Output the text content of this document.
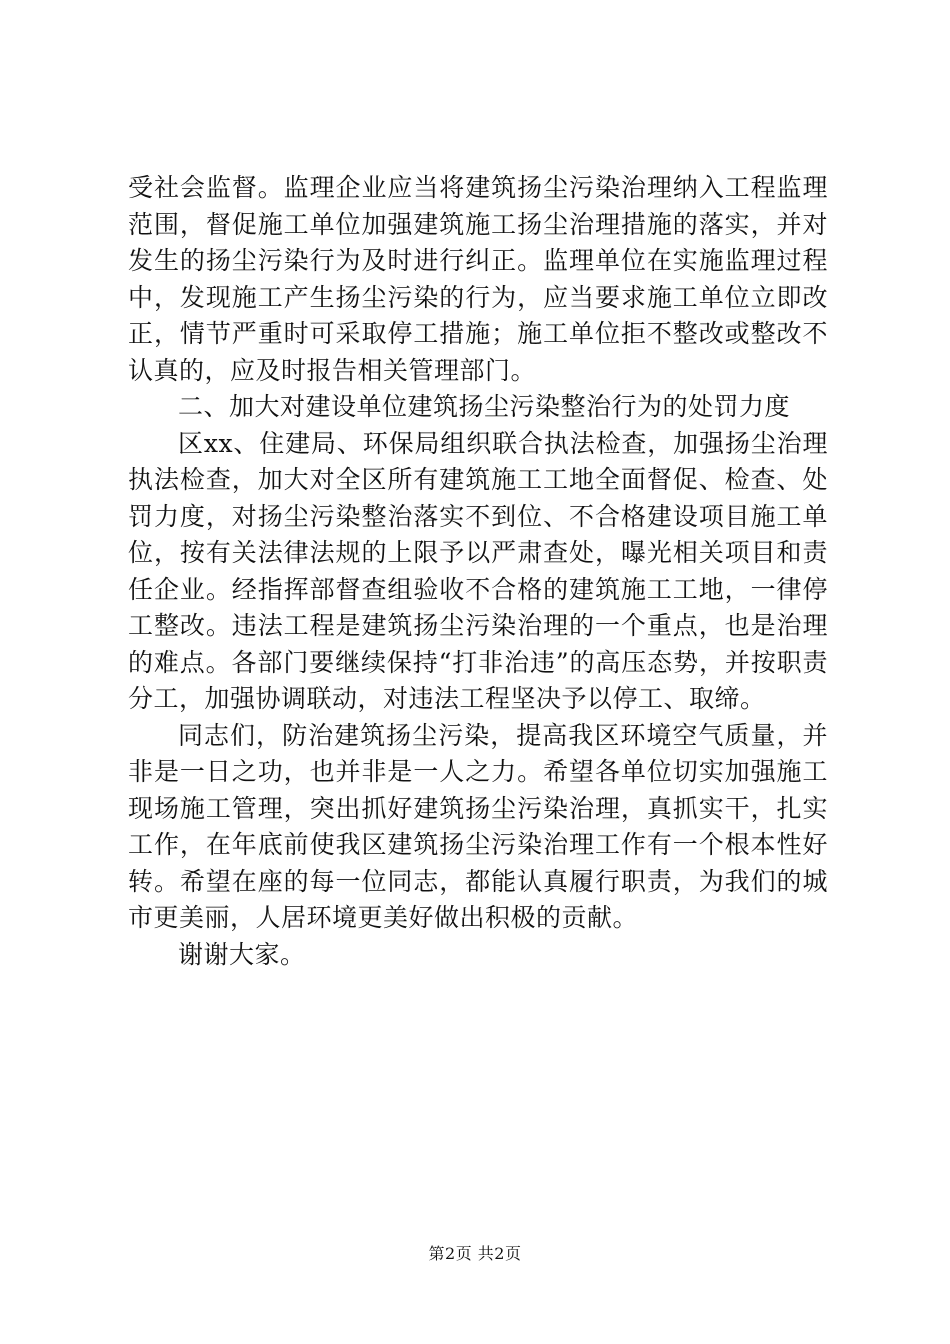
受社会监督。监理企业应当将建筑扬尘污染治理纳入工程监理范围，督促施工单位加强建筑施工扬尘治理措施的落实，并对发生的扬尘污染行为及时进行纠正。监理单位在实施监理过程中，发现施工产生扬尘污染的行为，应当要求施工单位立即改正，情节严重时可采取停工措施；施工单位拒不整改或整改不认真的，应及时报告相关管理部门。

二、加大对建设单位建筑扬尘污染整治行为的处罚力度

区xx、住建局、环保局组织联合执法检查，加强扬尘治理执法检查，加大对全区所有建筑施工工地全面督促、检查、处罚力度，对扬尘污染整治落实不到位、不合格建设项目施工单位，按有关法律法规的上限予以严肃查处，曝光相关项目和责任企业。经指挥部督查组验收不合格的建筑施工工地，一律停工整改。违法工程是建筑扬尘污染治理的一个重点，也是治理的难点。各部门要继续保持“打非治违”的高压态势，并按职责分工，加强协调联动，对违法工程坚决予以停工、取缔。

同志们，防治建筑扬尘污染，提高我区环境空气质量，并非是一日之功，也并非是一人之力。希望各单位切实加强施工现场施工管理，突出抓好建筑扬尘污染治理，真抓实干，扎实工作，在年底前使我区建筑扬尘污染治理工作有一个根本性好转。希望在座的每一位同志，都能认真履行职责，为我们的城市更美丽，人居环境更美好做出积极的贡献。

谢谢大家。

第2页 共2页
